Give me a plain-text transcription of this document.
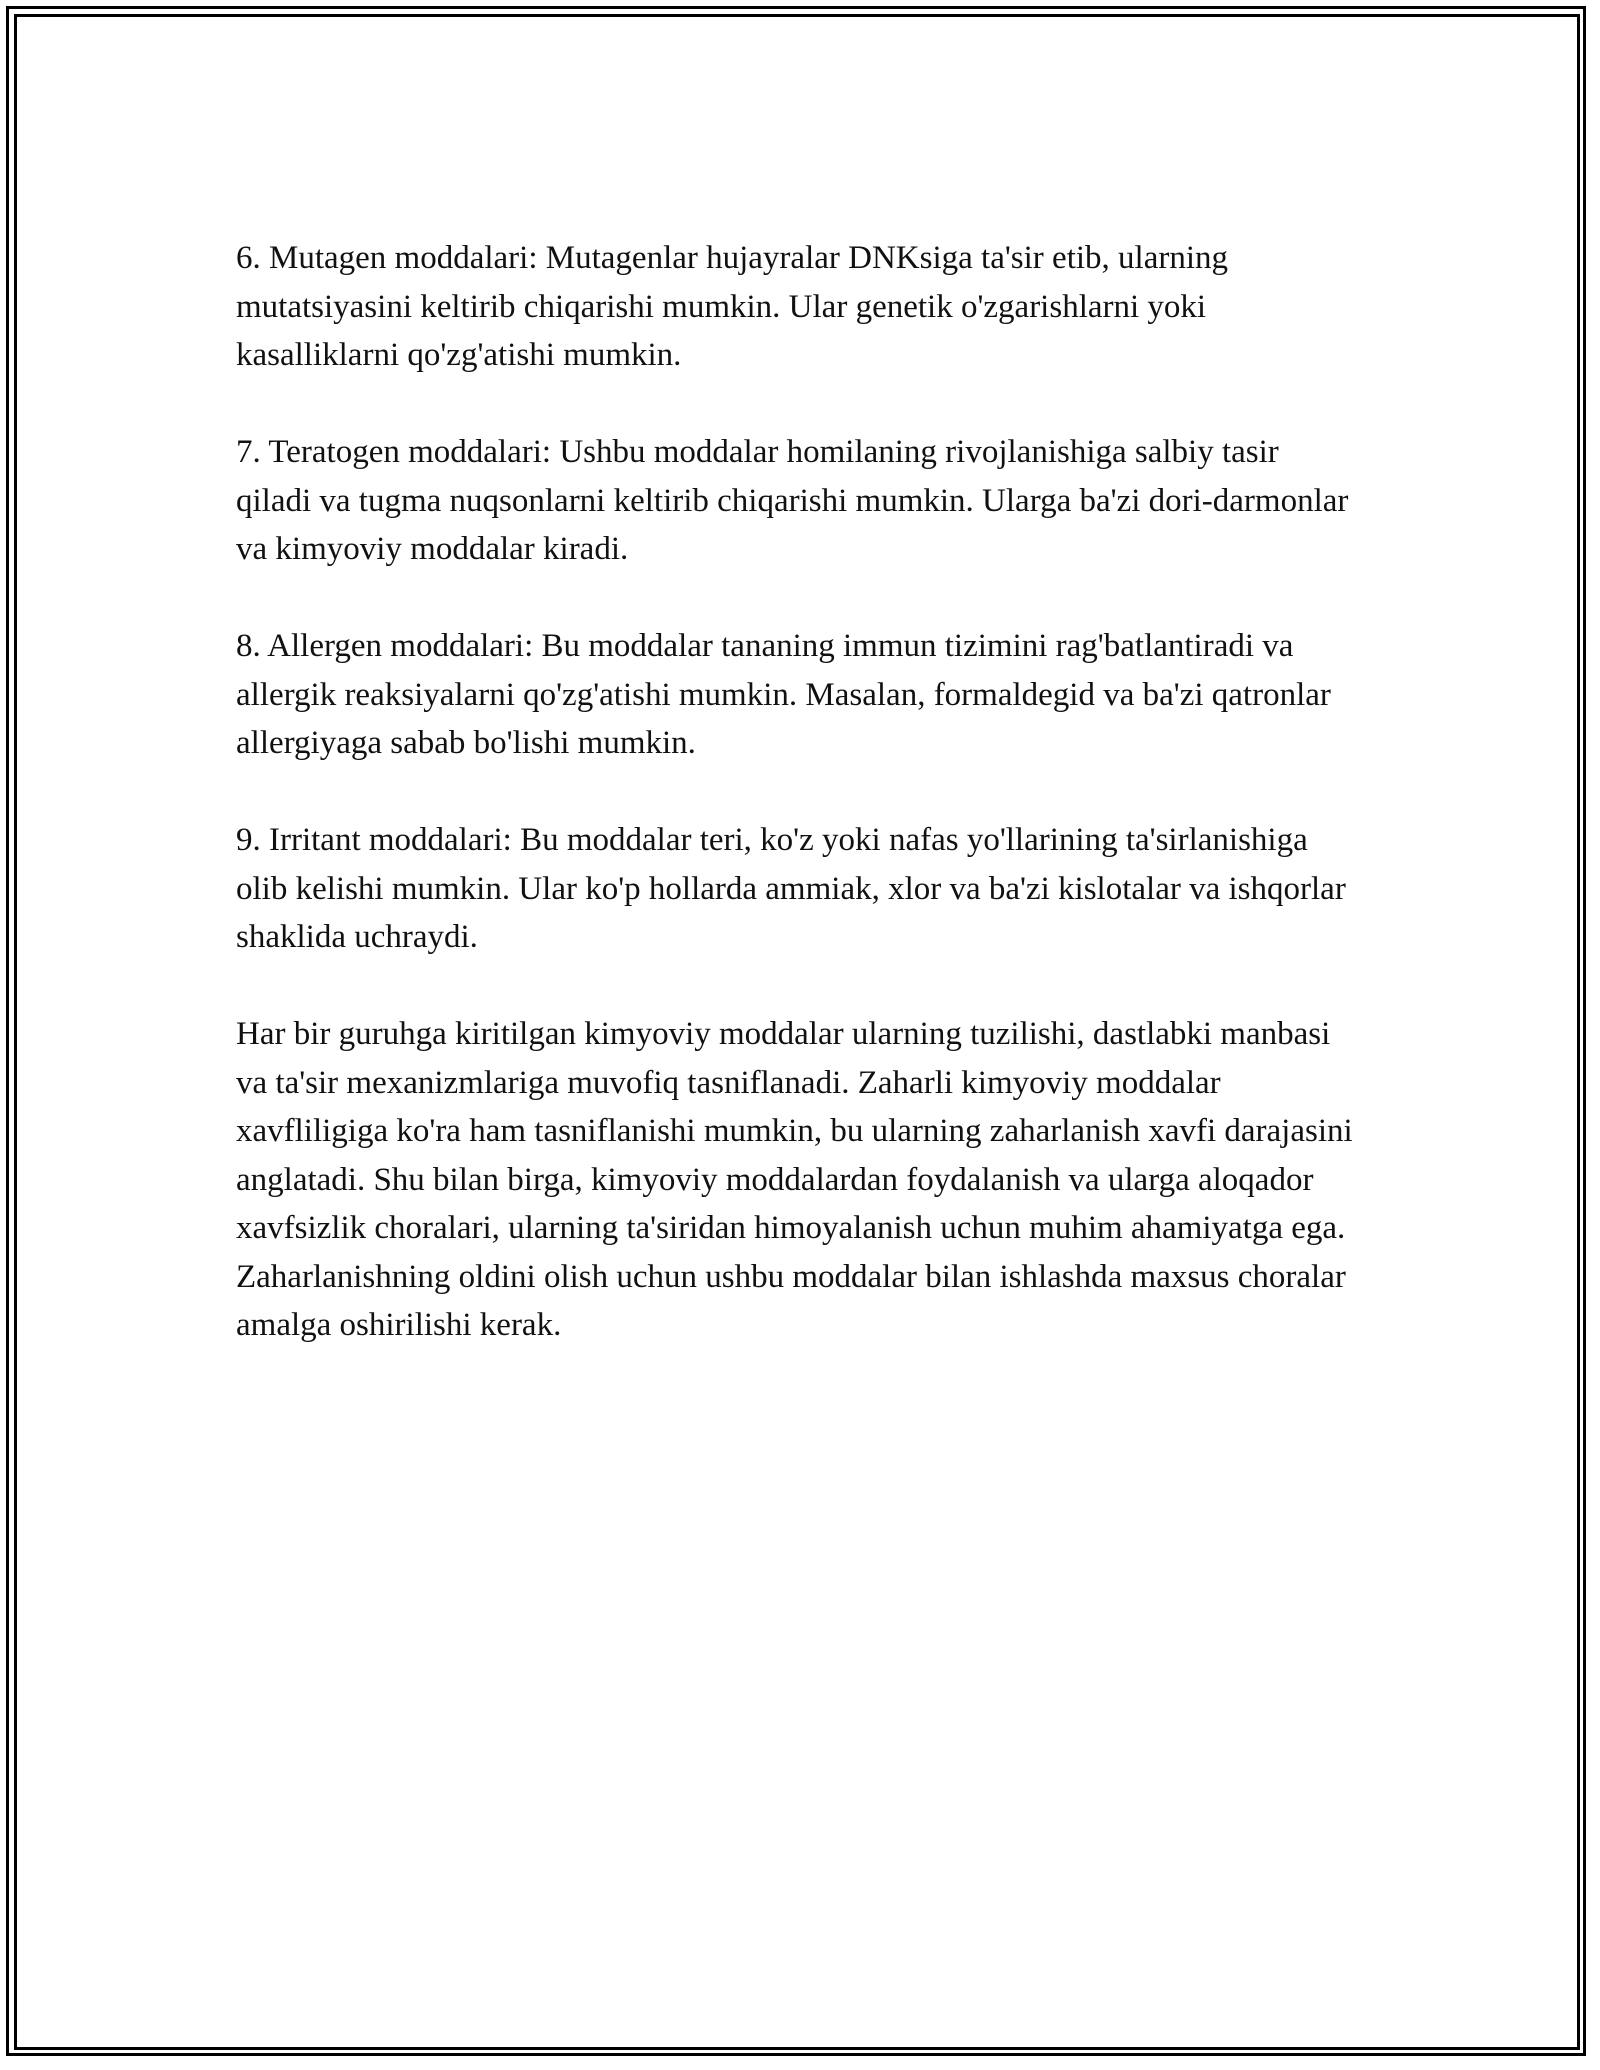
6. Mutagen moddalari: Mutagenlar hujayralar DNKsiga ta'sir etib, ularning mutatsiyasini keltirib chiqarishi mumkin. Ular genetik o'zgarishlarni yoki kasalliklarni qo'zg'atishi mumkin.

7. Teratogen moddalari: Ushbu moddalar homilaning rivojlanishiga salbiy tasir qiladi va tugma nuqsonlarni keltirib chiqarishi mumkin. Ularga ba'zi dori-darmonlar va kimyoviy moddalar kiradi.

8. Allergen moddalari: Bu moddalar tananing immun tizimini rag'batlantiradi va allergik reaksiyalarni qo'zg'atishi mumkin. Masalan, formaldegid va ba'zi qatronlar allergiyaga sabab bo'lishi mumkin.

9. Irritant moddalari: Bu moddalar teri, ko'z yoki nafas yo'llarining ta'sirlanishiga olib kelishi mumkin. Ular ko'p hollarda ammiak, xlor va ba'zi kislotalar va ishqorlar shaklida uchraydi.

Har bir guruhga kiritilgan kimyoviy moddalar ularning tuzilishi, dastlabki manbasi va ta'sir mexanizmlariga muvofiq tasniflanadi. Zaharli kimyoviy moddalar xavfliligiga ko'ra ham tasniflanishi mumkin, bu ularning zaharlanish xavfi darajasini anglatadi. Shu bilan birga, kimyoviy moddalardan foydalanish va ularga aloqador xavfsizlik choralari, ularning ta'siridan himoyalanish uchun muhim ahamiyatga ega. Zaharlanishning oldini olish uchun ushbu moddalar bilan ishlashda maxsus choralar amalga oshirilishi kerak.
